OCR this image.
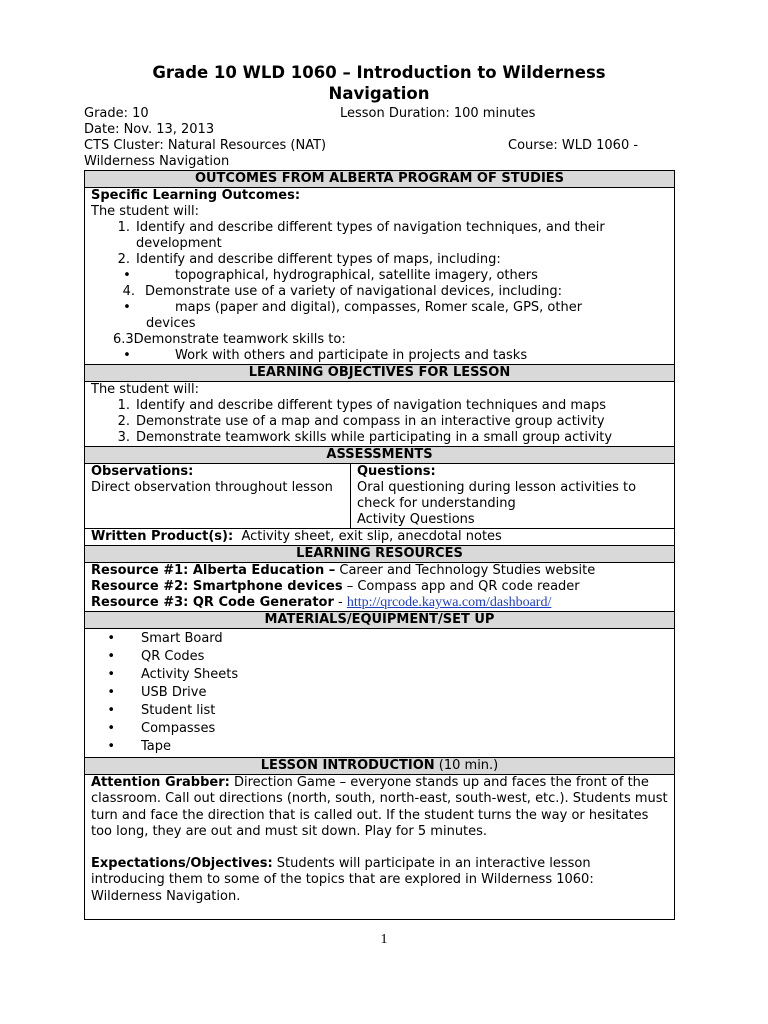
Grade 10 WLD 1060 – Introduction to Wilderness Navigation
Grade: 10	Lesson Duration: 100 minutes
Date: Nov. 13, 2013
CTS Cluster: Natural Resources (NAT)	Course: WLD 1060 -
Wilderness Navigation
OUTCOMES FROM ALBERTA PROGRAM OF STUDIES

Specific Learning Outcomes:
The student will:
1. Identify and describe different types of navigation techniques, and their development
2. Identify and describe different types of maps, including:
•	topographical, hydrographical, satellite imagery, others
4. Demonstrate use of a variety of navigational devices, including:
•	maps (paper and digital), compasses, Romer scale, GPS, other
devices
6.3Demonstrate teamwork skills to:
•	Work with others and participate in projects and tasks

LEARNING OBJECTIVES FOR LESSON

The student will:
1. Identify and describe different types of navigation techniques and maps
2. Demonstrate use of a map and compass in an interactive group activity
3. Demonstrate teamwork skills while participating in a small group activity

ASSESSMENTS

Observations:
Direct observation throughout lesson

Questions:
Oral questioning during lesson activities to check for understanding
Activity Questions

Written Product(s): Activity sheet, exit slip, anecdotal notes
LEARNING RESOURCES

Resource #1: Alberta Education – Career and Technology Studies website
Resource #2: Smartphone devices – Compass app and QR code reader
Resource #3: QR Code Generator - http://qrcode.kaywa.com/dashboard/

MATERIALS/EQUIPMENT/SET UP

•	Smart Board
•	QR Codes
•	Activity Sheets
•	USB Drive
•	Student list
•	Compasses
•	Tape

LESSON INTRODUCTION (10 min.)

Attention Grabber: Direction Game – everyone stands up and faces the front of the classroom. Call out directions (north, south, north-east, south-west, etc.). Students must turn and face the direction that is called out. If the student turns the way or hesitates too long, they are out and must sit down. Play for 5 minutes.
Expectations/Objectives: Students will participate in an interactive lesson introducing them to some of the topics that are explored in Wilderness 1060: Wilderness Navigation.
1
